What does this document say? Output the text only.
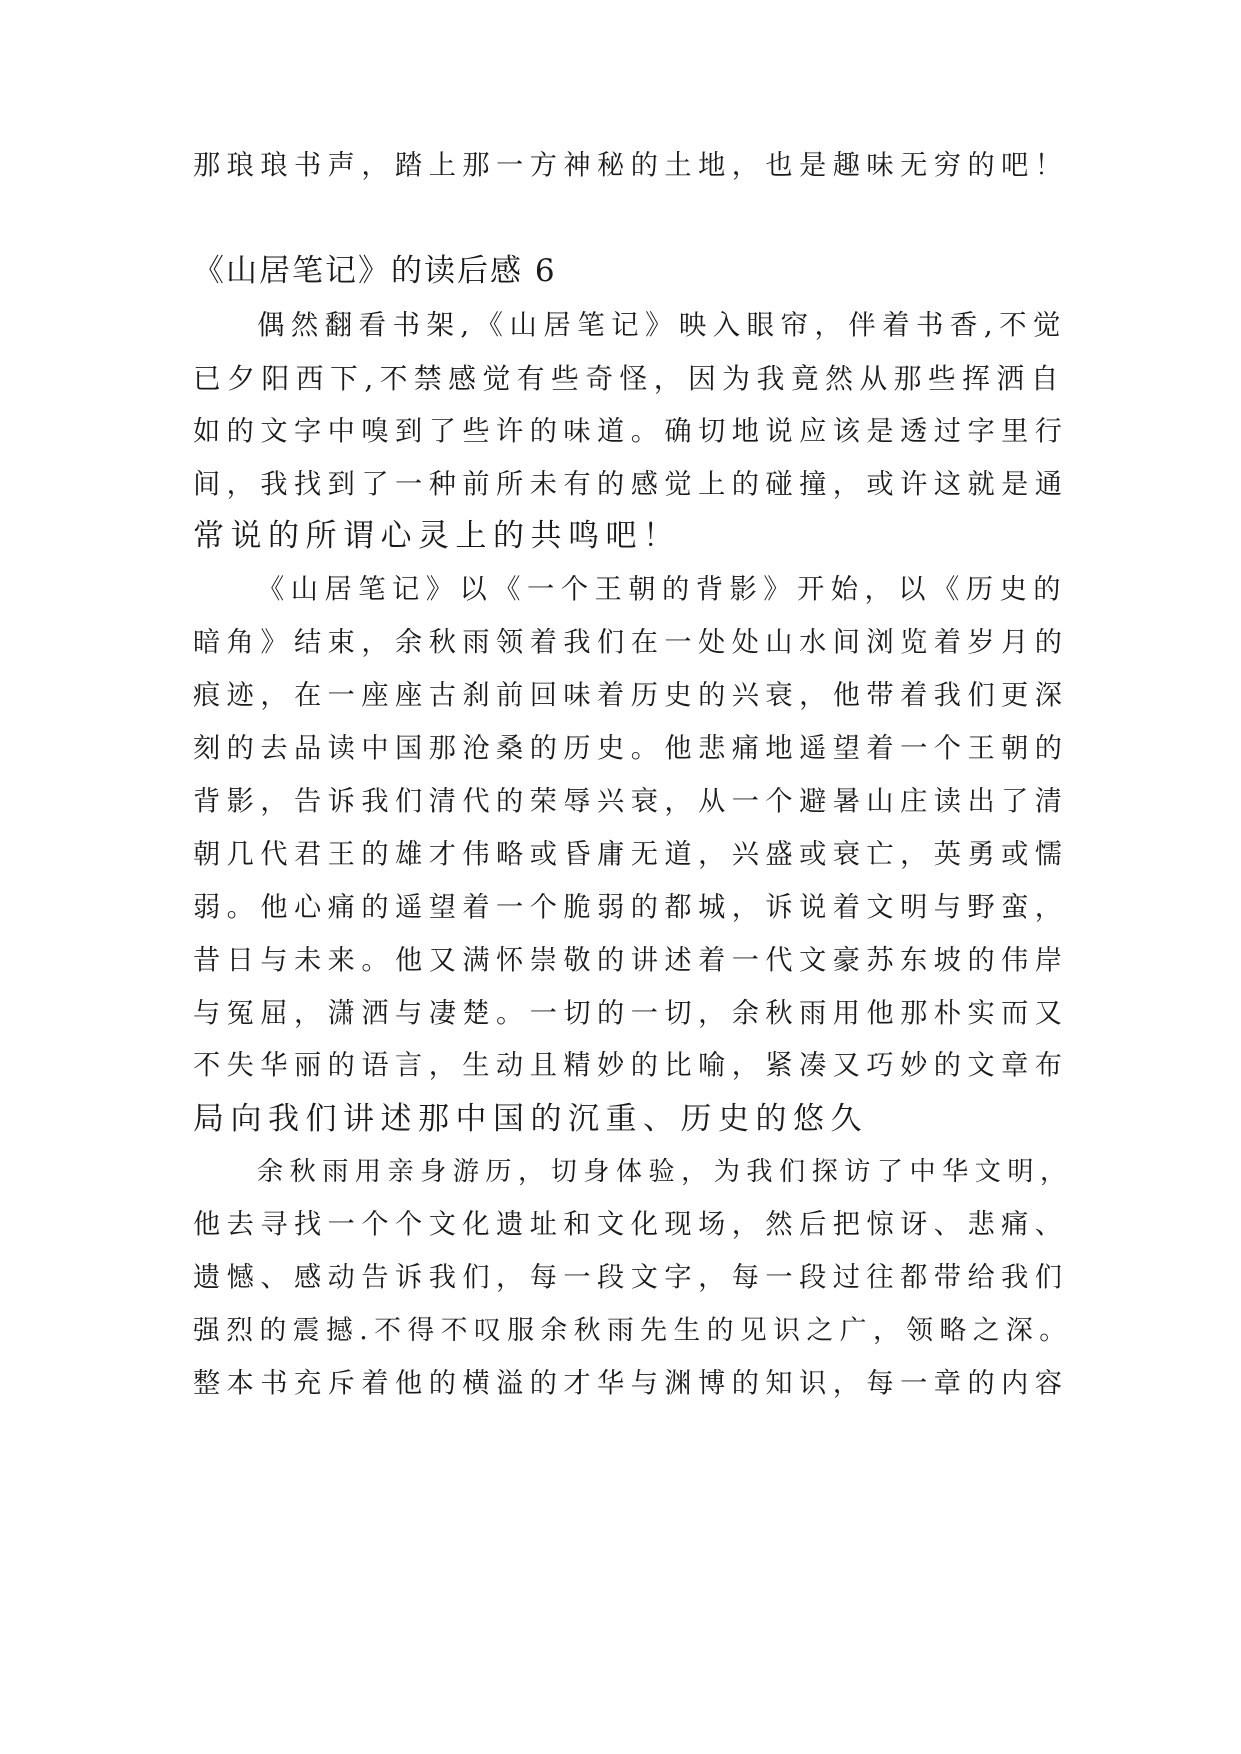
那琅琅书声，踏上那一方神秘的土地，也是趣味无穷的吧！
《山居笔记》的读后感 6
偶然翻看书架,《山居笔记》映入眼帘，伴着书香,不觉
已夕阳西下,不禁感觉有些奇怪，因为我竟然从那些挥洒自
如的文字中嗅到了些许的味道。确切地说应该是透过字里行
间，我找到了一种前所未有的感觉上的碰撞，或许这就是通
常说的所谓心灵上的共鸣吧！
《山居笔记》以《一个王朝的背影》开始，以《历史的
暗角》结束，余秋雨领着我们在一处处山水间浏览着岁月的
痕迹，在一座座古刹前回味着历史的兴衰，他带着我们更深
刻的去品读中国那沧桑的历史。他悲痛地遥望着一个王朝的
背影，告诉我们清代的荣辱兴衰，从一个避暑山庄读出了清
朝几代君王的雄才伟略或昏庸无道，兴盛或衰亡，英勇或懦
弱。他心痛的遥望着一个脆弱的都城，诉说着文明与野蛮，
昔日与未来。他又满怀崇敬的讲述着一代文豪苏东坡的伟岸
与冤屈，潇洒与凄楚。一切的一切，余秋雨用他那朴实而又
不失华丽的语言，生动且精妙的比喻，紧凑又巧妙的文章布
局向我们讲述那中国的沉重、历史的悠久
余秋雨用亲身游历，切身体验，为我们探访了中华文明，
他去寻找一个个文化遗址和文化现场，然后把惊讶、悲痛、
遗憾、感动告诉我们，每一段文字，每一段过往都带给我们
强烈的震撼.不得不叹服余秋雨先生的见识之广，领略之深。
整本书充斥着他的横溢的才华与渊博的知识，每一章的内容
